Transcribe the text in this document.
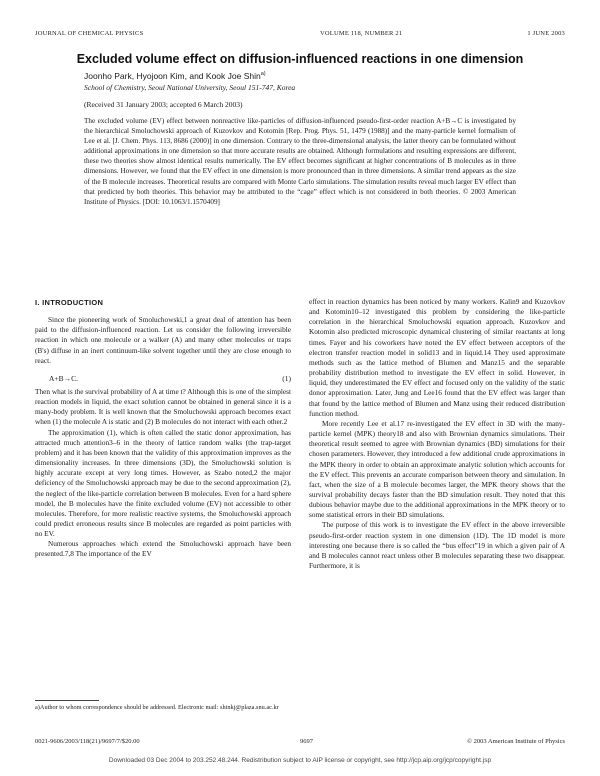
JOURNAL OF CHEMICAL PHYSICS	VOLUME 118, NUMBER 21	1 JUNE 2003
Excluded volume effect on diffusion-influenced reactions in one dimension
Joonho Park, Hyojoon Kim, and Kook Joe Shin$^{a)}$
School of Chemistry, Seoul National University, Seoul 151-747, Korea
(Received 31 January 2003; accepted 6 March 2003)

The excluded volume (EV) effect between nonreactive like-particles of diffusion-influenced pseudo-first-order reaction A+B→C is investigated by the hierarchical Smoluchowski approach of Kuzovkov and Kotomin [Rep. Prog. Phys. 51, 1479 (1988)] and the many-particle kernel formalism of Lee et al. [J. Chem. Phys. 113, 8686 (2000)] in one dimension. Contrary to the three-dimensional analysis, the latter theory can be formulated without additional approximations in one dimension so that more accurate results are obtained. Although formulations and resulting expressions are different, these two theories show almost identical results numerically. The EV effect becomes significant at higher concentrations of B molecules as in three dimensions. However, we found that the EV effect in one dimension is more pronounced than in three dimensions. A similar trend appears as the size of the B molecule increases. Theoretical results are compared with Monte Carlo simulations. The simulation results reveal much larger EV effect than that predicted by both theories. This behavior may be attributed to the “cage” effect which is not considered in both theories. © 2003 American Institute of Physics. [DOI: 10.1063/1.1570409]

I. INTRODUCTION

Since the pioneering work of Smoluchowski,1 a great deal of attention has been paid to the diffusion-influenced reaction. Let us consider the following irreversible reaction in which one molecule or a walker (A) and many other molecules or traps (B's) diffuse in an inert continuum-like solvent together until they are close enough to react.

A+B→C.	(1)

Then what is the survival probability of A at time t? Although this is one of the simplest reaction models in liquid, the exact solution cannot be obtained in general since it is a many-body problem. It is well known that the Smoluchowski approach becomes exact when (1) the molecule A is static and (2) B molecules do not interact with each other.2

The approximation (1), which is often called the static donor approximation, has attracted much attention3–6 in the theory of lattice random walks (the trap-target problem) and it has been known that the validity of this approximation improves as the dimensionality increases. In three dimensions (3D), the Smoluchowski solution is highly accurate except at very long times. However, as Szabo noted,2 the major deficiency of the Smoluchowski approach may be due to the second approximation (2), the neglect of the like-particle correlation between B molecules. Even for a hard sphere model, the B molecules have the finite excluded volume (EV) not accessible to other molecules. Therefore, for more realistic reactive systems, the Smoluchowski approach could predict erroneous results since B molecules are regarded as point particles with no EV.

Numerous approaches which extend the Smoluchowski approach have been presented.7,8 The importance of the EV

effect in reaction dynamics has been noticed by many workers. Kalin9 and Kuzovkov and Kotomin10–12 investigated this problem by considering the like-particle correlation in the hierarchical Smoluchowski equation approach. Kuzovkov and Kotomin also predicted microscopic dynamical clustering of similar reactants at long times. Fayer and his coworkers have noted the EV effect between acceptors of the electron transfer reaction model in solid13 and in liquid.14 They used approximate methods such as the lattice method of Blumen and Manz15 and the separable probability distribution method to investigate the EV effect in solid. However, in liquid, they underestimated the EV effect and focused only on the validity of the static donor approximation. Later, Jung and Lee16 found that the EV effect was larger than that found by the lattice method of Blumen and Manz using their reduced distribution function method.

More recently Lee et al.17 re-investigated the EV effect in 3D with the many-particle kernel (MPK) theory18 and also with Brownian dynamics simulations. Their theoretical result seemed to agree with Brownian dynamics (BD) simulations for their chosen parameters. However, they introduced a few additional crude approximations in the MPK theory in order to obtain an approximate analytic solution which accounts for the EV effect. This prevents an accurate comparison between theory and simulation. In fact, when the size of a B molecule becomes larger, the MPK theory shows that the survival probability decays faster than the BD simulation result. They noted that this dubious behavior maybe due to the additional approximations in the MPK theory or to some statistical errors in their BD simulations.

The purpose of this work is to investigate the EV effect in the above irreversible pseudo-first-order reaction system in one dimension (1D). The 1D model is more interesting one because there is so called the “bus effect”19 in which a given pair of A and B molecules cannot react unless other B molecules separating these two disappear. Furthermore, it is

a)Author to whom correspondence should be addressed. Electronic mail: shinkj@plaza.snu.ac.kr
0021-9606/2003/118(21)/9697/7/$20.00	9697	© 2003 American Institute of Physics
Downloaded 03 Dec 2004 to 203.252.48.244. Redistribution subject to AIP license or copyright, see http://jcp.aip.org/jcp/copyright.jsp
